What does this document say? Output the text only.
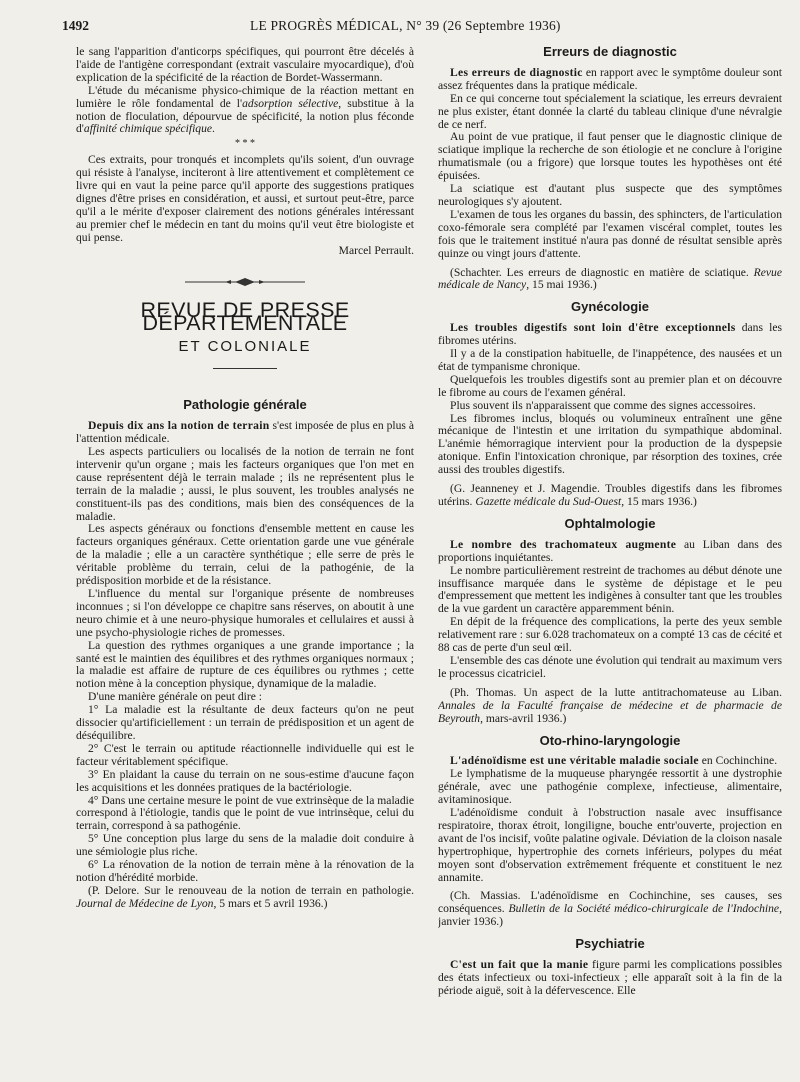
1492	LE PROGRÈS MÉDICAL, N° 39 (26 Septembre 1936)

le sang l'apparition d'anticorps spécifiques, qui pourront être décelés à l'aide de l'antigène correspondant (extrait vasculaire myocardique), d'où explication de la spécificité de la réaction de Bordet-Wassermann.

L'étude du mécanisme physico-chimique de la réaction mettant en lumière le rôle fondamental de l'adsorption sélective, substitue à la notion de floculation, dépourvue de spécificité, la notion plus féconde d'affinité chimique spécifique.

* * *

Ces extraits, pour tronqués et incomplets qu'ils soient, d'un ouvrage qui résiste à l'analyse, inciteront à lire attentivement et complètement ce livre qui en vaut la peine parce qu'il apporte des suggestions pratiques dignes d'être prises en considération, et aussi, et surtout peut-être, parce qu'il a le mérite d'exposer clairement des notions générales intéressant au premier chef le médecin en tant du moins qu'il veut être biologiste et qui pense.

Marcel Perrault.

REVUE DE PRESSE DÉPARTEMENTALE
ET COLONIALE
Pathologie générale

Depuis dix ans la notion de terrain s'est imposée de plus en plus à l'attention médicale.

Les aspects particuliers ou localisés de la notion de terrain ne font intervenir qu'un organe ; mais les facteurs organiques que l'on met en cause représentent déjà le terrain malade ; ils ne représentent plus le terrain de la maladie ; aussi, le plus souvent, les troubles analysés ne constituent-ils pas des conditions, mais bien des conséquences de la maladie.

Les aspects généraux ou fonctions d'ensemble mettent en cause les facteurs organiques généraux. Cette orientation garde une vue générale de la maladie ; elle a un caractère synthétique ; elle serre de près le véritable problème du terrain, celui de la pathogénie, de la prédisposition morbide et de la résistance.

L'influence du mental sur l'organique présente de nombreuses inconnues ; si l'on développe ce chapitre sans réserves, on aboutit à une neuro chimie et à une neuro-physique humorales et cellulaires et aussi à une psycho-physiologie riches de promesses.

La question des rythmes organiques a une grande importance ; la santé est le maintien des équilibres et des rythmes organiques normaux ; la maladie est affaire de rupture de ces équilibres ou rythmes ; cette notion mène à la conception physique, dynamique de la maladie.

D'une manière générale on peut dire :

1° La maladie est la résultante de deux facteurs qu'on ne peut dissocier qu'artificiellement : un terrain de prédisposition et un agent de déséquilibre.

2° C'est le terrain ou aptitude réactionnelle individuelle qui est le facteur véritablement spécifique.

3° En plaidant la cause du terrain on ne sous-estime d'aucune façon les acquisitions et les données pratiques de la bactériologie.

4° Dans une certaine mesure le point de vue extrinsèque de la maladie correspond à l'étiologie, tandis que le point de vue intrinsèque, celui du terrain, correspond à sa pathogénie.

5° Une conception plus large du sens de la maladie doit conduire à une sémiologie plus riche.

6° La rénovation de la notion de terrain mène à la rénovation de la notion d'hérédité morbide.

(P. Delore. Sur le renouveau de la notion de terrain en pathologie. Journal de Médecine de Lyon, 5 mars et 5 avril 1936.)

Erreurs de diagnostic

Les erreurs de diagnostic en rapport avec le symptôme douleur sont assez fréquentes dans la pratique médicale.

En ce qui concerne tout spécialement la sciatique, les erreurs devraient ne plus exister, étant donnée la clarté du tableau clinique d'une névralgie de ce nerf.

Au point de vue pratique, il faut penser que le diagnostic clinique de sciatique implique la recherche de son étiologie et ne conclure à l'origine rhumatismale (ou a frigore) que lorsque toutes les hypothèses ont été épuisées.

La sciatique est d'autant plus suspecte que des symptômes neurologiques s'y ajoutent.

L'examen de tous les organes du bassin, des sphincters, de l'articulation coxo-fémorale sera complété par l'examen viscéral complet, toutes les fois que le traitement institué n'aura pas donné de résultat sensible après quinze ou vingt jours d'attente.

(Schachter. Les erreurs de diagnostic en matière de sciatique. Revue médicale de Nancy, 15 mai 1936.)

Gynécologie

Les troubles digestifs sont loin d'être exceptionnels dans les fibromes utérins.

Il y a de la constipation habituelle, de l'inappétence, des nausées et un état de tympanisme chronique.

Quelquefois les troubles digestifs sont au premier plan et on découvre le fibrome au cours de l'examen général.

Plus souvent ils n'apparaissent que comme des signes accessoires.

Les fibromes inclus, bloqués ou volumineux entraînent une gêne mécanique de l'intestin et une irritation du sympathique abdominal. L'anémie hémorragique intervient pour la production de la dyspepsie atonique. Enfin l'intoxication chronique, par résorption des toxines, crée aussi des troubles digestifs.

(G. Jeanneney et J. Magendie. Troubles digestifs dans les fibromes utérins. Gazette médicale du Sud-Ouest, 15 mars 1936.)

Ophtalmologie

Le nombre des trachomateux augmente au Liban dans des proportions inquiétantes.

Le nombre particulièrement restreint de trachomes au début dénote une insuffisance marquée dans le système de dépistage et le peu d'empressement que mettent les indigènes à consulter tant que les troubles de la vue gardent un caractère apparemment bénin.

En dépit de la fréquence des complications, la perte des yeux semble relativement rare : sur 6.028 trachomateux on a compté 13 cas de cécité et 88 cas de perte d'un seul œil.

L'ensemble des cas dénote une évolution qui tendrait au maximum vers le processus cicatriciel.

(Ph. Thomas. Un aspect de la lutte antitrachomateuse au Liban. Annales de la Faculté française de médecine et de pharmacie de Beyrouth, mars-avril 1936.)

Oto-rhino-laryngologie

L'adénoïdisme est une véritable maladie sociale en Cochinchine.

Le lymphatisme de la muqueuse pharyngée ressortit à une dystrophie générale, avec une pathogénie complexe, infectieuse, alimentaire, avitaminosique.

L'adénoïdisme conduit à l'obstruction nasale avec insuffisance respiratoire, thorax étroit, longiligne, bouche entr'ouverte, projection en avant de l'os incisif, voûte palatine ogivale. Déviation de la cloison nasale hypertrophique, hypertrophie des cornets inférieurs, polypes du méat moyen sont d'observation extrêmement fréquente et constituent le nez annamite.

(Ch. Massias. L'adénoïdisme en Cochinchine, ses causes, ses conséquences. Bulletin de la Société médico-chirurgicale de l'Indochine, janvier 1936.)

Psychiatrie

C'est un fait que la manie figure parmi les complications possibles des états infectieux ou toxi-infectieux ; elle apparaît soit à la fin de la période aiguë, soit à la défervescence. Elle
